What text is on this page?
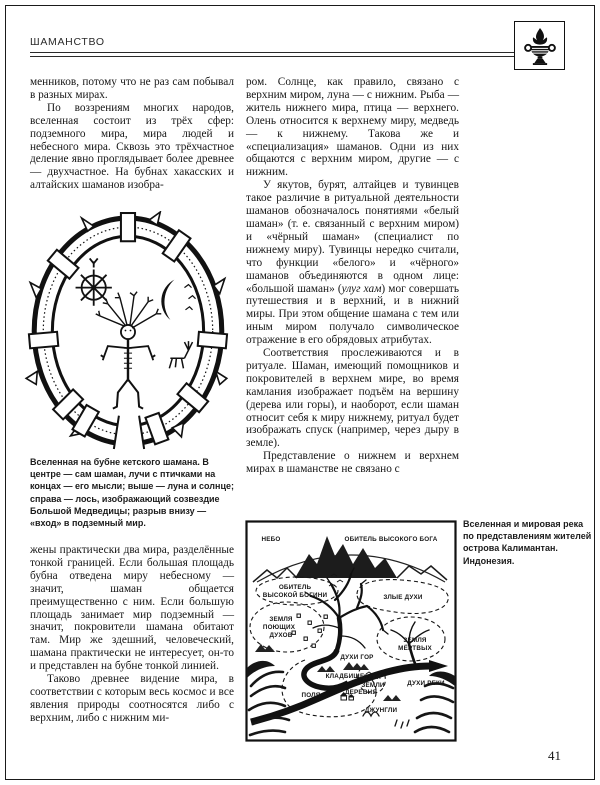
ШАМАНСТВО

менников, потому что не раз сам побывал в разных мирах.

По воззрениям многих народов, вселенная состоит из трёх сфер: подземного мира, мира людей и небесного мира. Сквозь это трёхчастное деление явно проглядывает более древнее — двухчастное. На бубнах хакасских и алтайских шаманов изобра-

Вселенная на бубне кетского шамана. В центре — сам шаман, лучи с птичками на концах — его мысли; выше — луна и солнце; справа — лось, изображающий созвездие Большой Медведицы; разрыв внизу — «вход» в подземный мир.

жены практически два мира, разделённые тонкой границей. Если большая площадь бубна отведена миру небесному — значит, шаман общается преимущественно с ним. Если большую площадь занимает мир подземный — значит, покровители шамана обитают там. Мир же здешний, человеческий, шамана практически не интересует, он-то и представлен на бубне тонкой линией.

Таково древнее видение мира, в соответствии с которым весь космос и все явления природы соотносятся либо с верхним, либо с нижним ми-

ром. Солнце, как правило, связано с верхним миром, луна — с нижним. Рыба — житель нижнего мира, птица — верхнего. Олень относится к верхнему миру, медведь — к нижнему. Такова же и «специализация» шаманов. Одни из них общаются с верхним миром, другие — с нижним.

У якутов, бурят, алтайцев и тувинцев такое различие в ритуальной деятельности шаманов обозначалось понятиями «белый шаман» (т. е. связанный с верхним миром) и «чёрный шаман» (специалист по нижнему миру). Тувинцы нередко считали, что функции «белого» и «чёрного» шаманов объединяются в одном лице: «большой шаман» (улуг хам) мог совершать путешествия и в верхний, и в нижний миры. При этом общение шамана с тем или иным миром получало символическое отражение в его обрядовых атрибутах.

Соответствия прослеживаются и в ритуале. Шаман, имеющий помощников и покровителей в верхнем мире, во время камлания изображает подъём на вершину (дерева или горы), и наоборот, если шаман относит себя к миру нижнему, ритуал будет изображать спуск (например, через дыру в земле).

Представление о нижнем и верхнем мирах в шаманстве не связано с

НЕБО	ОБИТЕЛЬ ВЫСОКОГО БОГА
ОБИТЕЛЬ
ВЫСОКОЙ БОГИНИ	ЗЛЫЕ ДУХИ
ЗЕМЛЯ
ПОЮЩИХ
ДУХОВ
ЗЕМЛЯ
МЁРТВЫХ
ДУХИ ГОР
КЛАДБИЩЕ
ДУХИ РЕКИ
ПОЛЯ
ДУХИ
ЗЕМЛИ
ДЕРЕВНЯ
ДЖУНГЛИ
Вселенная и мировая река по представлениям жителей острова Калимантан. Индонезия.
41
